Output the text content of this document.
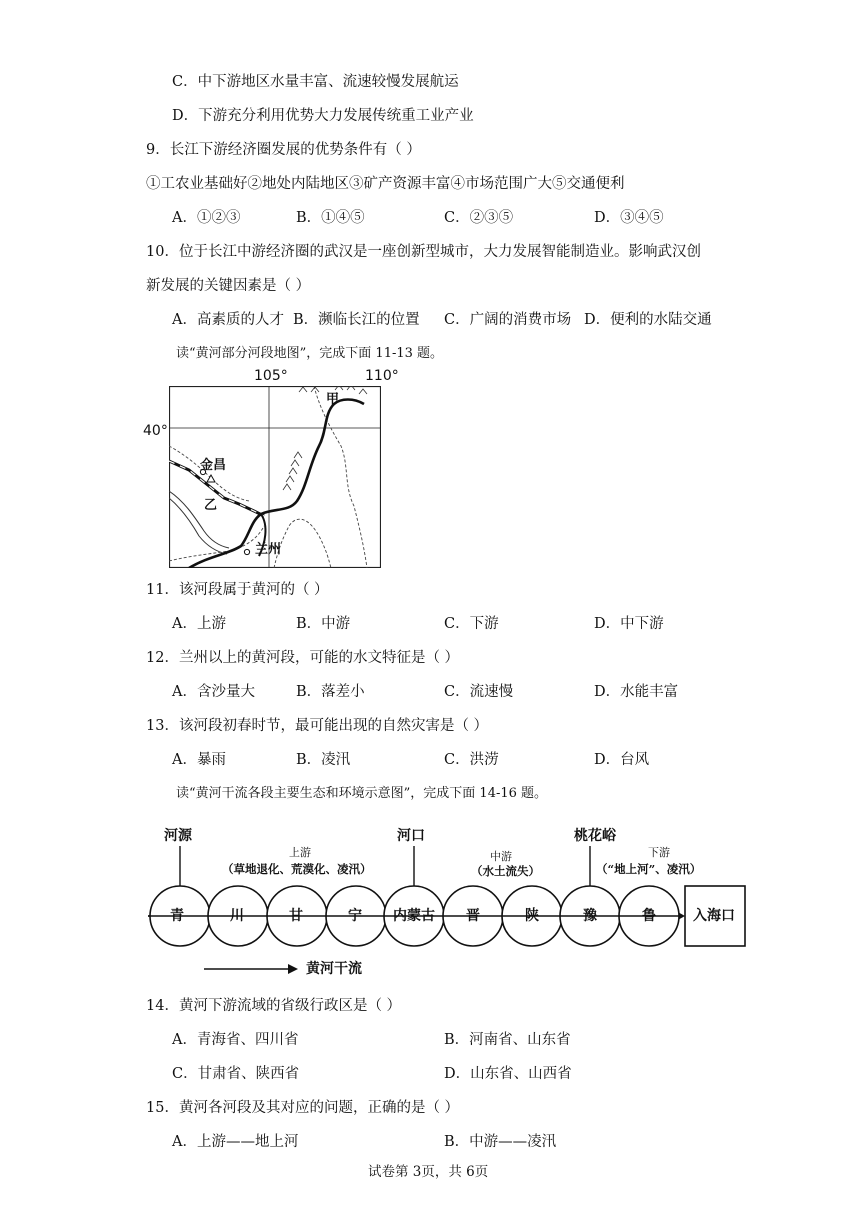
C．中下游地区水量丰富、流速较慢发展航运
D．下游充分利用优势大力发展传统重工业产业
9．长江下游经济圈发展的优势条件有（ ）
①工农业基础好②地处内陆地区③矿产资源丰富④市场范围广大⑤交通便利
A．①②③	B．①④⑤	C．②③⑤	D．③④⑤
10．位于长江中游经济圈的武汉是一座创新型城市，大力发展智能制造业。影响武汉创
新发展的关键因素是（ ）
A．高素质的人才 B．濒临长江的位置 C．广阔的消费市场 D．便利的水陆交通
读“黄河部分河段地图”，完成下面 11-13 题。
105°	110°
40°
金昌
乙
兰州
甲
11．该河段属于黄河的（ ）
A．上游	B．中游	C．下游	D．中下游
12．兰州以上的黄河段，可能的水文特征是（ ）
A．含沙量大	B．落差小	C．流速慢	D．水能丰富
13．该河段初春时节，最可能出现的自然灾害是（ ）
A．暴雨	B．凌汛	C．洪涝	D．台风
读“黄河干流各段主要生态和环境示意图”，完成下面 14-16 题。
河源	河口	桃花峪
上游
（草地退化、荒漠化、凌汛）
中游
（水土流失）
下游
（“地上河”、凌汛）
青	川	甘	宁 内蒙古 晋	陕	豫	鲁	入海口
黄河干流
14．黄河下游流域的省级行政区是（ ）
A．青海省、四川省	B．河南省、山东省
C．甘肃省、陕西省	D．山东省、山西省
15．黄河各河段及其对应的问题，正确的是（ ）
A．上游——地上河	B．中游——凌汛
试卷第 3页，共 6页
